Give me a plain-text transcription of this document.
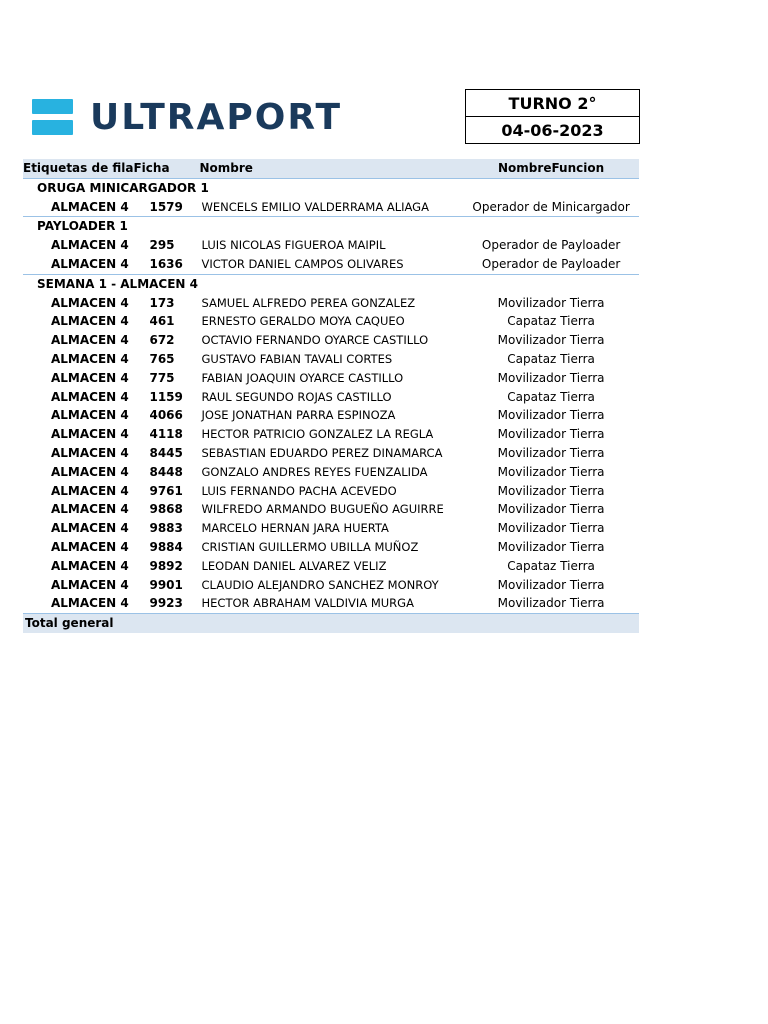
ULTRAPORT	TURNO 2°
04-06-2023
Etiquetas de fila	Ficha	Nombre	NombreFuncion
ORUGA MINICARGADOR 1			
ALMACEN 4	1579	WENCELS EMILIO VALDERRAMA ALIAGA	Operador de Minicargador
PAYLOADER 1			
ALMACEN 4	295	LUIS NICOLAS FIGUEROA MAIPIL	Operador de Payloader
ALMACEN 4	1636	VICTOR DANIEL CAMPOS OLIVARES	Operador de Payloader
SEMANA 1 - ALMACEN 4			
ALMACEN 4	173	SAMUEL ALFREDO PEREA GONZALEZ	Movilizador Tierra
ALMACEN 4	461	ERNESTO GERALDO MOYA CAQUEO	Capataz Tierra
ALMACEN 4	672	OCTAVIO FERNANDO OYARCE CASTILLO	Movilizador Tierra
ALMACEN 4	765	GUSTAVO FABIAN TAVALI CORTES	Capataz Tierra
ALMACEN 4	775	FABIAN JOAQUIN OYARCE CASTILLO	Movilizador Tierra
ALMACEN 4	1159	RAUL SEGUNDO ROJAS CASTILLO	Capataz Tierra
ALMACEN 4	4066	JOSE JONATHAN PARRA ESPINOZA	Movilizador Tierra
ALMACEN 4	4118	HECTOR PATRICIO GONZALEZ LA REGLA	Movilizador Tierra
ALMACEN 4	8445	SEBASTIAN EDUARDO PEREZ DINAMARCA	Movilizador Tierra
ALMACEN 4	8448	GONZALO ANDRES REYES FUENZALIDA	Movilizador Tierra
ALMACEN 4	9761	LUIS FERNANDO PACHA ACEVEDO	Movilizador Tierra
ALMACEN 4	9868	WILFREDO ARMANDO BUGUEÑO AGUIRRE	Movilizador Tierra
ALMACEN 4	9883	MARCELO HERNAN JARA HUERTA	Movilizador Tierra
ALMACEN 4	9884	CRISTIAN GUILLERMO UBILLA MUÑOZ	Movilizador Tierra
ALMACEN 4	9892	LEODAN DANIEL ALVAREZ VELIZ	Capataz Tierra
ALMACEN 4	9901	CLAUDIO ALEJANDRO SANCHEZ MONROY	Movilizador Tierra
ALMACEN 4	9923	HECTOR ABRAHAM VALDIVIA MURGA	Movilizador Tierra
Total general			
